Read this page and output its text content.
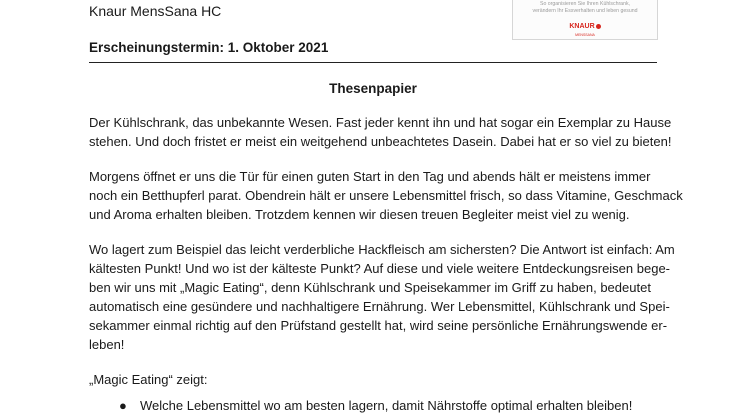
Knaur MensSana HC	So organisieren Sie Ihren Kühlschrank,
verändern Ihr Essverhalten und leben gesund
KNAUR
MENSSANA
Erscheinungstermin: 1. Oktober 2021
Thesenpapier

Der Kühlschrank, das unbekannte Wesen. Fast jeder kennt ihn und hat sogar ein Exemplar zu Hause
stehen. Und doch fristet er meist ein weitgehend unbeachtetes Dasein. Dabei hat er so viel zu bieten!

Morgens öffnet er uns die Tür für einen guten Start in den Tag und abends hält er meistens immer
noch ein Betthupferl parat. Obendrein hält er unsere Lebensmittel frisch, so dass Vitamine, Geschmack
und Aroma erhalten bleiben. Trotzdem kennen wir diesen treuen Begleiter meist viel zu wenig.

Wo lagert zum Beispiel das leicht verderbliche Hackfleisch am sichersten? Die Antwort ist einfach: Am
kältesten Punkt! Und wo ist der kälteste Punkt? Auf diese und viele weitere Entdeckungsreisen bege-
ben wir uns mit „Magic Eating“, denn Kühlschrank und Speisekammer im Griff zu haben, bedeutet
automatisch eine gesündere und nachhaltigere Ernährung. Wer Lebensmittel, Kühlschrank und Spei-
sekammer einmal richtig auf den Prüfstand gestellt hat, wird seine persönliche Ernährungswende er-
leben!

„Magic Eating“ zeigt:

● Welche Lebensmittel wo am besten lagern, damit Nährstoffe optimal erhalten bleiben!
